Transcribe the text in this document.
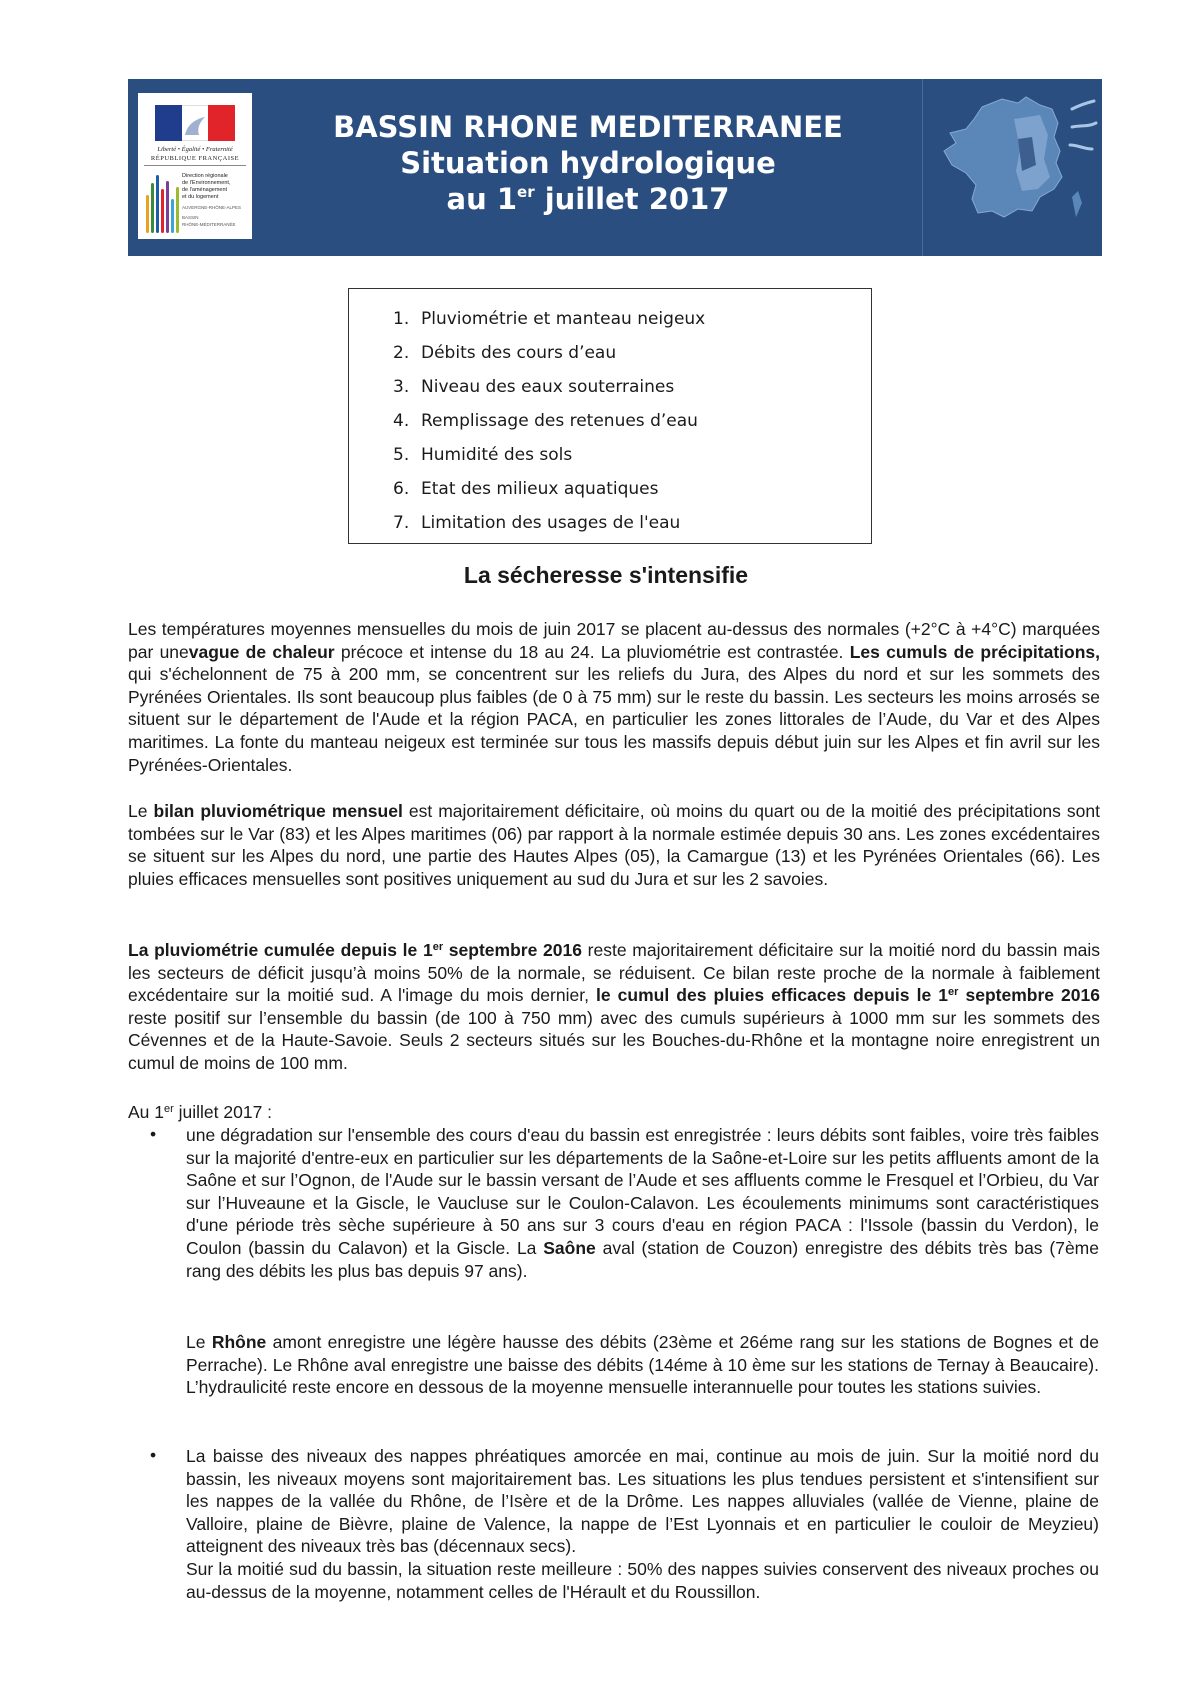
Liberté • Égalité • Fraternité
RÉPUBLIQUE FRANÇAISE
Direction régionale
de l'Environnement,
de l'aménagement
et du logement
AUVERGNE-RHÔNE-ALPES
BASSIN
RHÔNE-MÉDITERRANÉE
BASSIN RHONE MEDITERRANEE
Situation hydrologique
au 1er juillet 2017
1. Pluviométrie et manteau neigeux
2. Débits des cours d’eau
3. Niveau des eaux souterraines
4. Remplissage des retenues d’eau
5. Humidité des sols
6. Etat des milieux aquatiques
7. Limitation des usages de l'eau
La sécheresse s'intensifie
Les températures moyennes mensuelles du mois de juin 2017 se placent au-dessus des normales (+2°C à +4°C) marquées par unevague de chaleur précoce et intense du 18 au 24. La pluviométrie est contrastée. Les cumuls de précipitations, qui s'échelonnent de 75 à 200 mm, se concentrent sur les reliefs du Jura, des Alpes du nord et sur les sommets des Pyrénées Orientales. Ils sont beaucoup plus faibles (de 0 à 75 mm) sur le reste du bassin. Les secteurs les moins arrosés se situent sur le département de l'Aude et la région PACA, en particulier les zones littorales de l’Aude, du Var et des Alpes maritimes. La fonte du manteau neigeux est terminée sur tous les massifs depuis début juin sur les Alpes et fin avril sur les Pyrénées-Orientales.
Le bilan pluviométrique mensuel est majoritairement déficitaire, où moins du quart ou de la moitié des précipitations sont tombées sur le Var (83) et les Alpes maritimes (06) par rapport à la normale estimée depuis 30 ans. Les zones excédentaires se situent sur les Alpes du nord, une partie des Hautes Alpes (05), la Camargue (13) et les Pyrénées Orientales (66). Les pluies efficaces mensuelles sont positives uniquement au sud du Jura et sur les 2 savoies.
La pluviométrie cumulée depuis le 1er septembre 2016 reste majoritairement déficitaire sur la moitié nord du bassin mais les secteurs de déficit jusqu’à moins 50% de la normale, se réduisent. Ce bilan reste proche de la normale à faiblement excédentaire sur la moitié sud. A l'image du mois dernier, le cumul des pluies efficaces depuis le 1er septembre 2016 reste positif sur l’ensemble du bassin (de 100 à 750 mm) avec des cumuls supérieurs à 1000 mm sur les sommets des Cévennes et de la Haute-Savoie. Seuls 2 secteurs situés sur les Bouches-du-Rhône et la montagne noire enregistrent un cumul de moins de 100 mm.
Au 1er juillet 2017 :
• une dégradation sur l'ensemble des cours d'eau du bassin est enregistrée : leurs débits sont faibles, voire très faibles sur la majorité d'entre-eux en particulier sur les départements de la Saône-et-Loire sur les petits affluents amont de la Saône et sur l’Ognon, de l'Aude sur le bassin versant de l’Aude et ses affluents comme le Fresquel et l’Orbieu, du Var sur l’Huveaune et la Giscle, le Vaucluse sur le Coulon-Calavon. Les écoulements minimums sont caractéristiques d'une période très sèche supérieure à 50 ans sur 3 cours d'eau en région PACA : l'Issole (bassin du Verdon), le Coulon (bassin du Calavon) et la Giscle. La Saône aval (station de Couzon) enregistre des débits très bas (7ème rang des débits les plus bas depuis 97 ans).
Le Rhône amont enregistre une légère hausse des débits (23ème et 26éme rang sur les stations de Bognes et de Perrache). Le Rhône aval enregistre une baisse des débits (14éme à 10 ème sur les stations de Ternay à Beaucaire). L’hydraulicité reste encore en dessous de la moyenne mensuelle interannuelle pour toutes les stations suivies.
• La baisse des niveaux des nappes phréatiques amorcée en mai, continue au mois de juin. Sur la moitié nord du bassin, les niveaux moyens sont majoritairement bas. Les situations les plus tendues persistent et s'intensifient sur les nappes de la vallée du Rhône, de l’Isère et de la Drôme. Les nappes alluviales (vallée de Vienne, plaine de Valloire, plaine de Bièvre, plaine de Valence, la nappe de l’Est Lyonnais et en particulier le couloir de Meyzieu) atteignent des niveaux très bas (décennaux secs).
Sur la moitié sud du bassin, la situation reste meilleure : 50% des nappes suivies conservent des niveaux proches ou au-dessus de la moyenne, notamment celles de l'Hérault et du Roussillon.
